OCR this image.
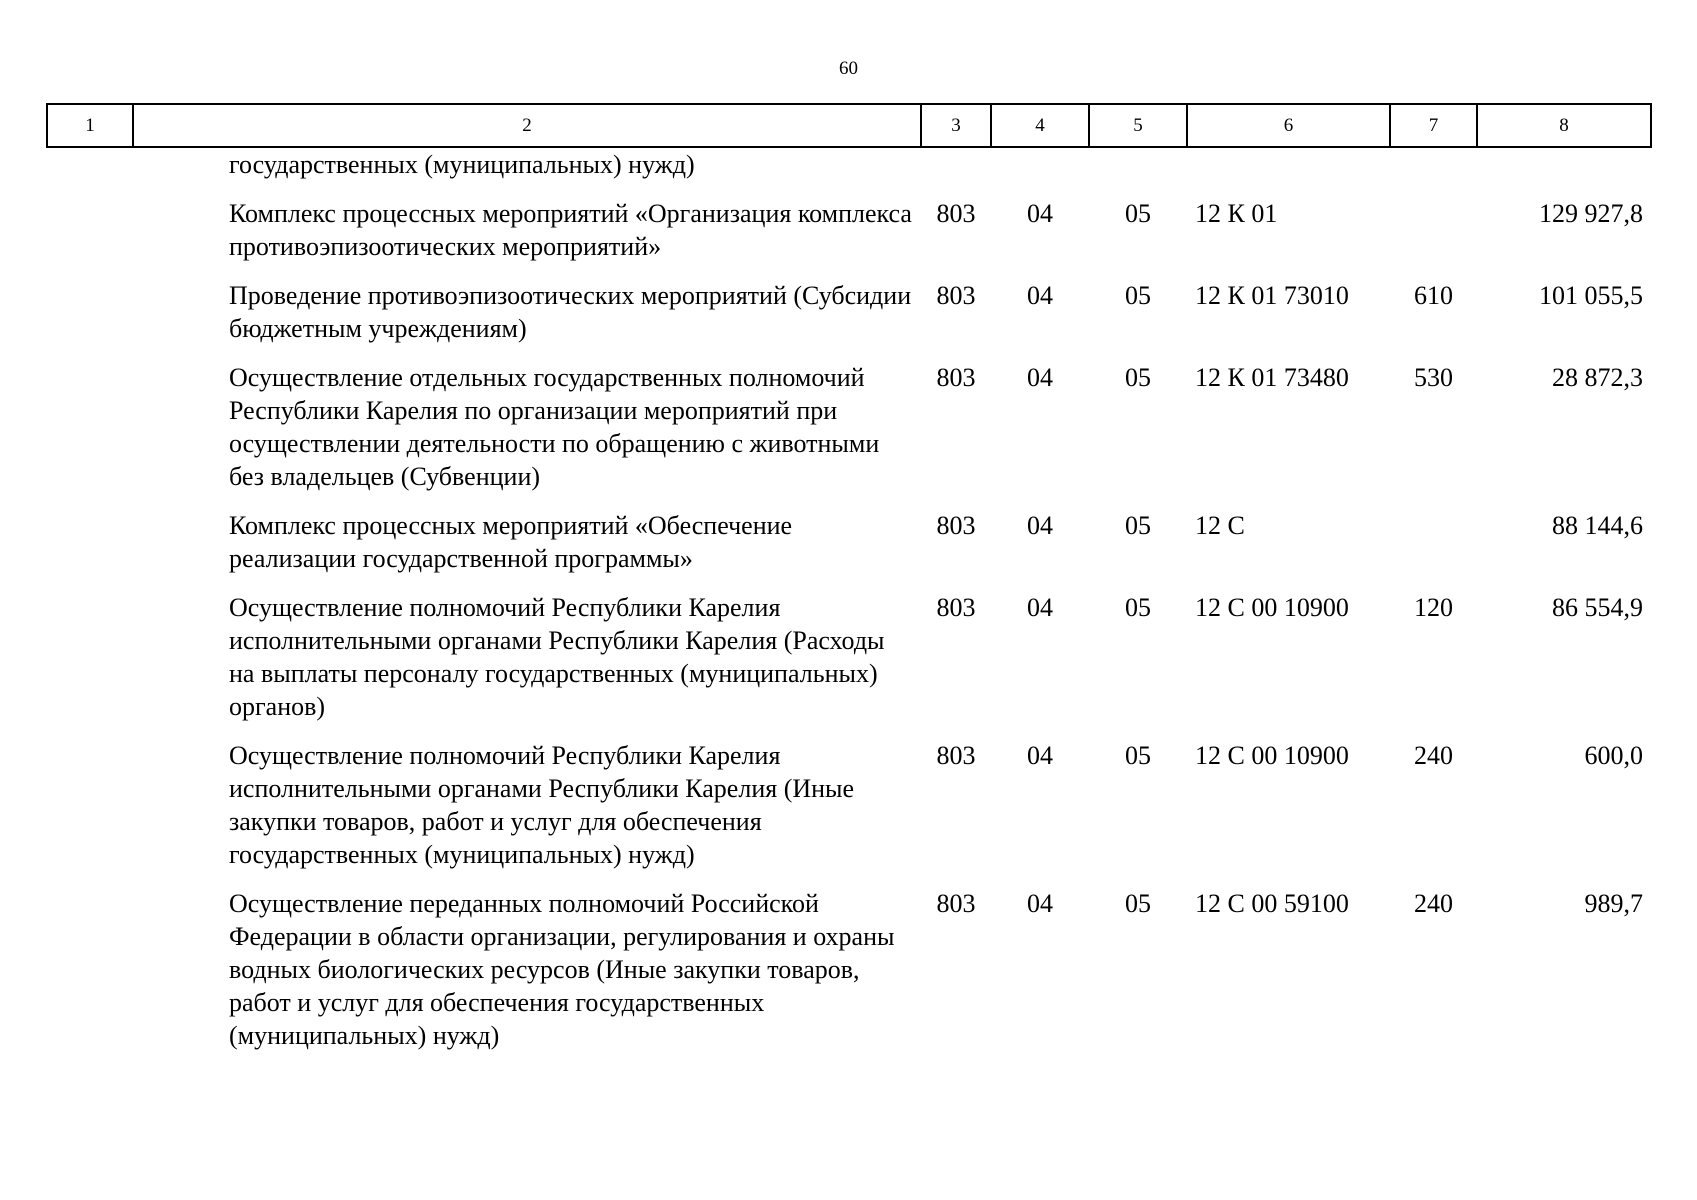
60
1	2	3	4	5	6	7	8
	государственных (муниципальных) нужд)						
	Комплекс процессных мероприятий «Организация комплекса противоэпизоотических мероприятий»	803	04	05	12 К 01		129 927,8
	Проведение противоэпизоотических мероприятий (Субсидии бюджетным учреждениям)	803	04	05	12 К 01 73010	610	101 055,5
	Осуществление отдельных государственных полномочий Республики Карелия по организации мероприятий при осуществлении деятельности по обращению с животными без владельцев (Субвенции)	803	04	05	12 К 01 73480	530	28 872,3
	Комплекс процессных мероприятий «Обеспечение реализации государственной программы»	803	04	05	12 С		88 144,6
	Осуществление полномочий Республики Карелия исполнительными органами Республики Карелия (Расходы на выплаты персоналу государственных (муниципальных) органов)	803	04	05	12 С 00 10900	120	86 554,9
	Осуществление полномочий Республики Карелия исполнительными органами Республики Карелия (Иные закупки товаров, работ и услуг для обеспечения государственных (муниципальных) нужд)	803	04	05	12 С 00 10900	240	600,0
	Осуществление переданных полномочий Российской Федерации в области организации, регулирования и охраны водных биологических ресурсов (Иные закупки товаров, работ и услуг для обеспечения государственных (муниципальных) нужд)	803	04	05	12 С 00 59100	240	989,7
